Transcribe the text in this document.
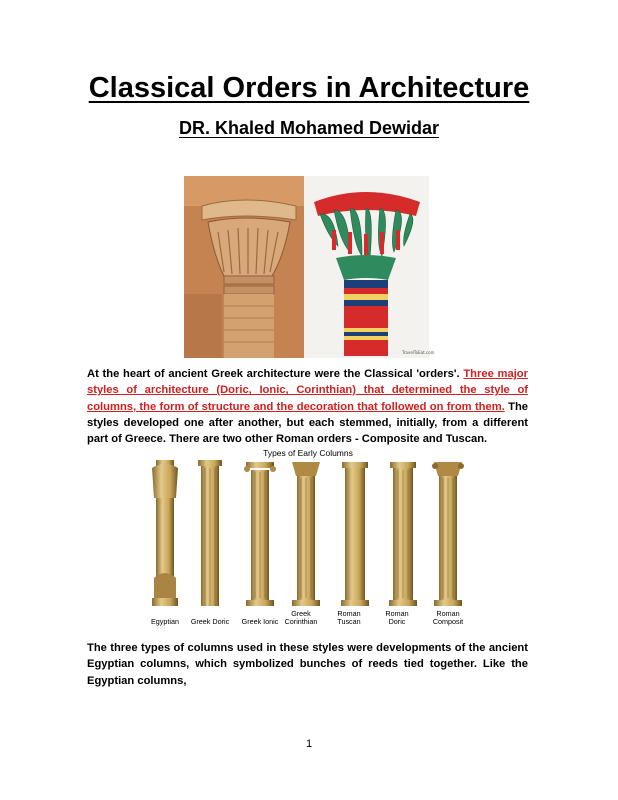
Classical Orders in Architecture
DR. Khaled Mohamed Dewidar
TravelToEat.com
At the heart of ancient Greek architecture were the Classical 'orders'. Three major styles of architecture (Doric, Ionic, Corinthian) that determined the style of columns, the form of structure and the decoration that followed on from them. The styles developed one after another, but each stemmed, initially, from a different part of Greece. There are two other Roman orders - Composite and Tuscan.
Types of Early Columns
Egyptian	Greek Doric	Greek Ionic
Greek Corinthian
Roman Tuscan
Roman Doric
Roman Composit
The three types of columns used in these styles were developments of the ancient Egyptian columns, which symbolized bunches of reeds tied together. Like the Egyptian columns,
1
